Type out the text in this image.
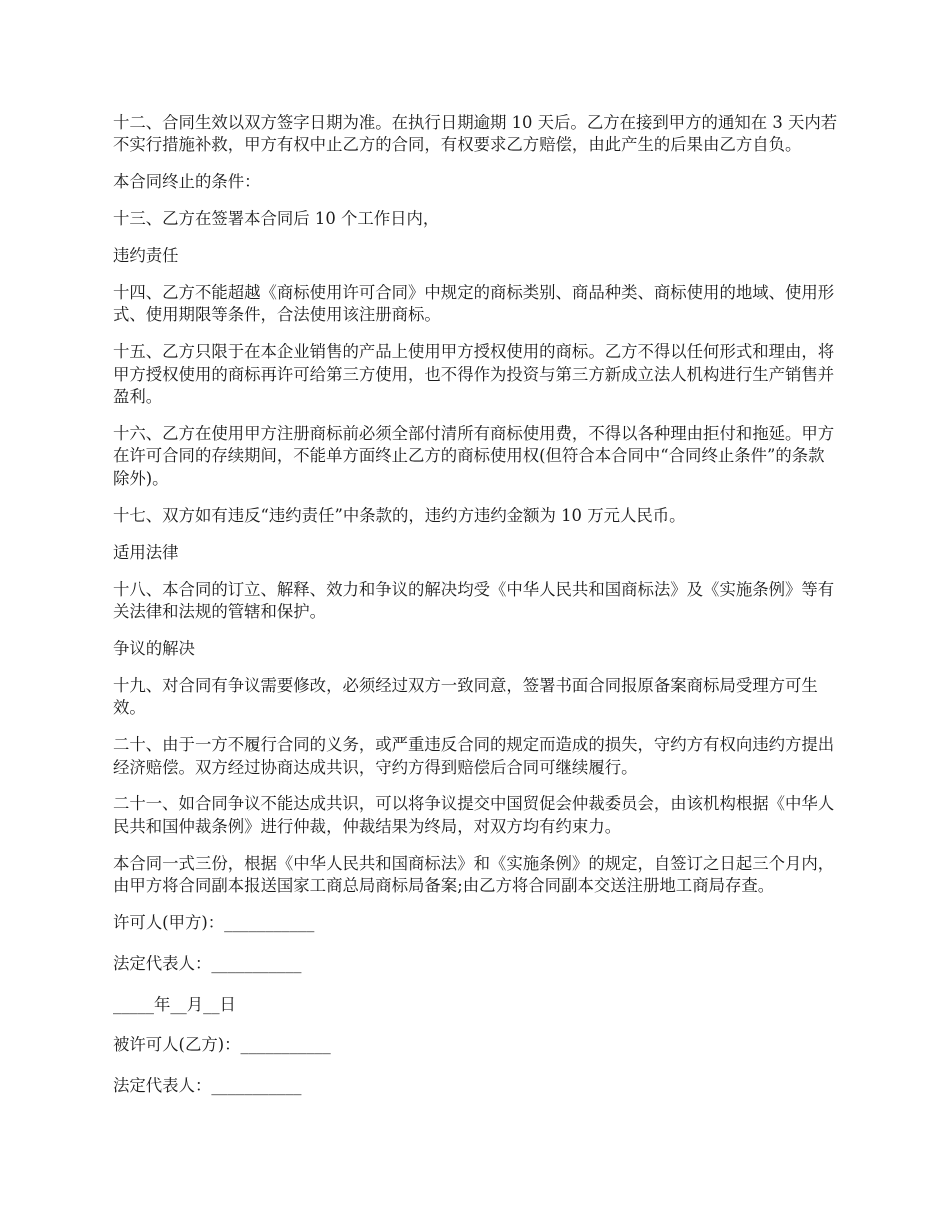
十二、合同生效以双方签字日期为准。在执行日期逾期 10 天后。乙方在接到甲方的通知在 3 天内若不实行措施补救，甲方有权中止乙方的合同，有权要求乙方赔偿，由此产生的后果由乙方自负。

本合同终止的条件：

十三、乙方在签署本合同后 10 个工作日内，

违约责任

十四、乙方不能超越《商标使用许可合同》中规定的商标类别、商品种类、商标使用的地域、使用形式、使用期限等条件，合法使用该注册商标。

十五、乙方只限于在本企业销售的产品上使用甲方授权使用的商标。乙方不得以任何形式和理由，将甲方授权使用的商标再许可给第三方使用，也不得作为投资与第三方新成立法人机构进行生产销售并盈利。

十六、乙方在使用甲方注册商标前必须全部付清所有商标使用费，不得以各种理由拒付和拖延。甲方在许可合同的存续期间，不能单方面终止乙方的商标使用权(但符合本合同中“合同终止条件”的条款除外)。

十七、双方如有违反“违约责任”中条款的，违约方违约金额为 10 万元人民币。

适用法律

十八、本合同的订立、解释、效力和争议的解决均受《中华人民共和国商标法》及《实施条例》等有关法律和法规的管辖和保护。

争议的解决

十九、对合同有争议需要修改，必须经过双方一致同意，签署书面合同报原备案商标局受理方可生效。

二十、由于一方不履行合同的义务，或严重违反合同的规定而造成的损失，守约方有权向违约方提出经济赔偿。双方经过协商达成共识，守约方得到赔偿后合同可继续履行。

二十一、如合同争议不能达成共识，可以将争议提交中国贸促会仲裁委员会，由该机构根据《中华人民共和国仲裁条例》进行仲裁，仲裁结果为终局，对双方均有约束力。

本合同一式三份，根据《中华人民共和国商标法》和《实施条例》的规定，自签订之日起三个月内，由甲方将合同副本报送国家工商总局商标局备案;由乙方将合同副本交送注册地工商局存查。

许可人(甲方)：___________

法定代表人：___________

_____年__月__日

被许可人(乙方)：___________

法定代表人：___________
